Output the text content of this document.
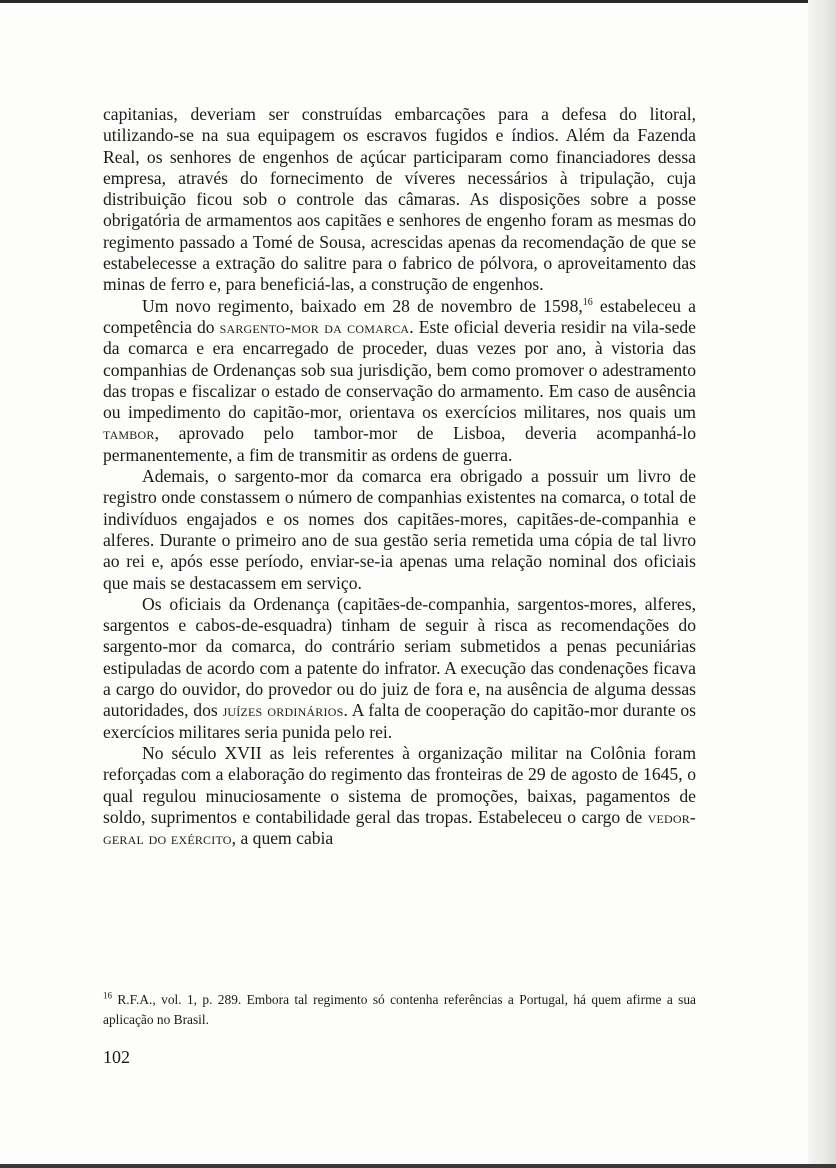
capitanias, deveriam ser construídas embarcações para a defesa do litoral, utilizando-se na sua equipagem os escravos fugidos e índios. Além da Fazenda Real, os senhores de engenhos de açúcar participaram como financiadores dessa empresa, através do fornecimento de víveres necessários à tripulação, cuja distribuição ficou sob o controle das câmaras. As disposições sobre a posse obrigatória de armamentos aos capitães e senhores de engenho foram as mesmas do regimento passado a Tomé de Sousa, acrescidas apenas da recomendação de que se estabelecesse a extração do salitre para o fabrico de pólvora, o aproveitamento das minas de ferro e, para beneficiá-las, a construção de engenhos.

Um novo regimento, baixado em 28 de novembro de 1598,16 estabeleceu a competência do sargento-mor da comarca. Este oficial deveria residir na vila-sede da comarca e era encarregado de proceder, duas vezes por ano, à vistoria das companhias de Ordenanças sob sua jurisdição, bem como promover o adestramento das tropas e fiscalizar o estado de conservação do armamento. Em caso de ausência ou impedimento do capitão-mor, orientava os exercícios militares, nos quais um tambor, aprovado pelo tambor-mor de Lisboa, deveria acompanhá-lo permanentemente, a fim de transmitir as ordens de guerra.

Ademais, o sargento-mor da comarca era obrigado a possuir um livro de registro onde constassem o número de companhias existentes na comarca, o total de indivíduos engajados e os nomes dos capitães-mores, capitães-de-companhia e alferes. Durante o primeiro ano de sua gestão seria remetida uma cópia de tal livro ao rei e, após esse período, enviar-se-ia apenas uma relação nominal dos oficiais que mais se destacassem em serviço.

Os oficiais da Ordenança (capitães-de-companhia, sargentos-mores, alferes, sargentos e cabos-de-esquadra) tinham de seguir à risca as recomendações do sargento-mor da comarca, do contrário seriam submetidos a penas pecuniárias estipuladas de acordo com a patente do infrator. A execução das condenações ficava a cargo do ouvidor, do provedor ou do juiz de fora e, na ausência de alguma dessas autoridades, dos juízes ordinários. A falta de cooperação do capitão-mor durante os exercícios militares seria punida pelo rei.

No século XVII as leis referentes à organização militar na Colônia foram reforçadas com a elaboração do regimento das fronteiras de 29 de agosto de 1645, o qual regulou minuciosamente o sistema de promoções, baixas, pagamentos de soldo, suprimentos e contabilidade geral das tropas. Estabeleceu o cargo de vedor-geral do exército, a quem cabia

$^{16}$ R.F.A., vol. 1, p. 289. Embora tal regimento só contenha referências a Portugal, há quem afirme a sua aplicação no Brasil.
102
